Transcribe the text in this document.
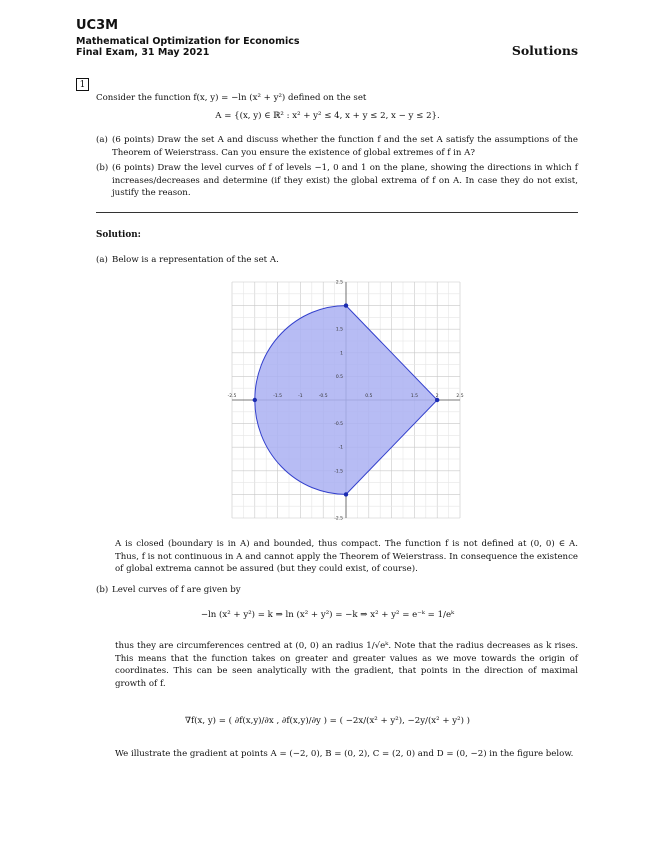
UC3M
Mathematical Optimization for Economics
Final Exam, 31 May 2021	Solutions
1
Consider the function f(x, y) = −ln (x² + y²) defined on the set
A = {(x, y) ∈ ℝ² : x² + y² ≤ 4, x + y ≤ 2, x − y ≤ 2}.
(a) (6 points) Draw the set A and discuss whether the function f and the set A satisfy the assumptions of the Theorem of Weierstrass. Can you ensure the existence of global extremes of f in A?
(b) (6 points) Draw the level curves of f of levels −1, 0 and 1 on the plane, showing the directions in which f increases/decreases and determine (if they exist) the global extrema of f on A. In case they do not exist, justify the reason.
Solution:
(a) Below is a representation of the set A.
-2.5	-1.5	-1	-0.5	0.5	1.5	2	2.5
2.5
1.5
1
0.5
-0.5
-1
-1.5
-2.5
A is closed (boundary is in A) and bounded, thus compact. The function f is not defined at (0, 0) ∈ A. Thus, f is not continuous in A and cannot apply the Theorem of Weierstrass. In consequence the existence of global extrema cannot be assured (but they could exist, of course).
(b) Level curves of f are given by
−ln (x² + y²) = k ⇒ ln (x² + y²) = −k ⇒ x² + y² = e⁻ᵏ = 1/eᵏ
thus they are circumferences centred at (0, 0) an radius 1/√eᵏ. Note that the radius decreases as k rises. This means that the function takes on greater and greater values as we move towards the origin of coordinates. This can be seen analytically with the gradient, that points in the direction of maximal growth of f.
∇f(x, y) = ( ∂f(x,y)/∂x , ∂f(x,y)/∂y ) = ( −2x/(x² + y²), −2y/(x² + y²) )
We illustrate the gradient at points A = (−2, 0), B = (0, 2), C = (2, 0) and D = (0, −2) in the figure below.
